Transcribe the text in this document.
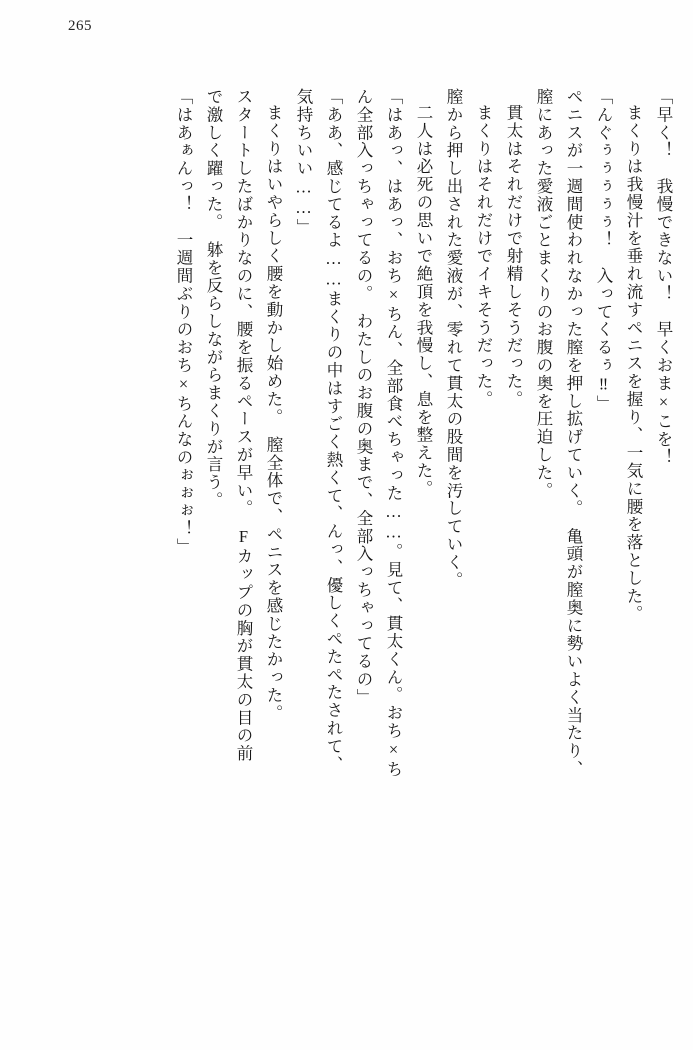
265
「早く！　我慢できない！　早くおま×こを！
まくりは我慢汁を垂れ流すペニスを握り、一気に腰を落とした。
「んぐぅぅぅぅぅ！　入ってくるぅ‼」
ペニスが一週間使われなかった膣を押し拡げていく。　亀頭が膣奥に勢いよく当たり、
膣にあった愛液ごとまくりのお腹の奥を圧迫した。
貫太はそれだけで射精しそうだった。
まくりはそれだけでイキそうだった。
膣から押し出された愛液が、零れて貫太の股間を汚していく。
二人は必死の思いで絶頂を我慢し、息を整えた。
「はあっ、はあっ、おち×ちん、全部食べちゃった……。見て、貫太くん。おち×ち
ん全部入っちゃってるの。　わたしのお腹の奥まで、全部入っちゃってるの」
「ああ、感じてるよ……まくりの中はすごく熱くて、んっ、優しくぺたぺたされて、
気持ちいい……」
まくりはいやらしく腰を動かし始めた。　膣全体で、ペニスを感じたかった。
スタートしたばかりなのに、腰を振るペースが早い。　Fカップの胸が貫太の目の前
で激しく躍った。　躰を反らしながらまくりが言う。
「はあぁんっ！　一週間ぶりのおち×ちんなのぉぉぉ！」
